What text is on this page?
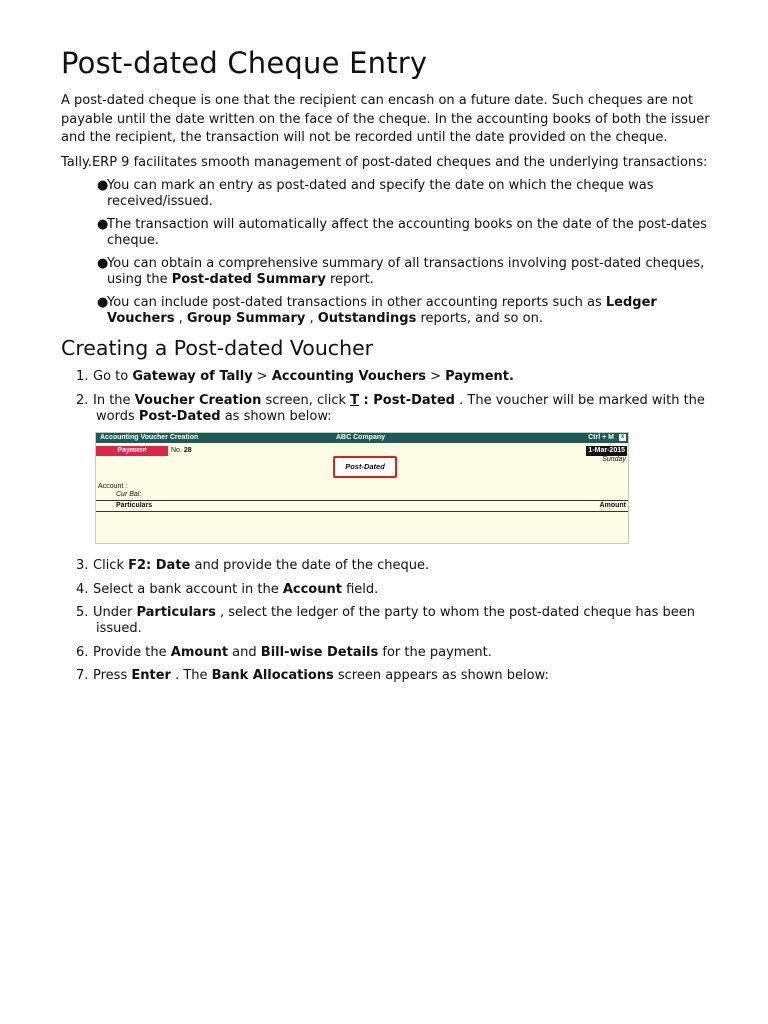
Post-dated Cheque Entry

A post-dated cheque is one that the recipient can encash on a future date. Such cheques are not payable until the date written on the face of the cheque. In the accounting books of both the issuer and the recipient, the transaction will not be recorded until the date provided on the cheque.

Tally.ERP 9 facilitates smooth management of post-dated cheques and the underlying transactions:

●You can mark an entry as post-dated and specify the date on which the cheque was received/issued.
●The transaction will automatically affect the accounting books on the date of the post-dates cheque.
●You can obtain a comprehensive summary of all transactions involving post-dated cheques, using the Post-dated Summary report.
●You can include post-dated transactions in other accounting reports such as Ledger Vouchers , Group Summary , Outstandings reports, and so on.
Creating a Post-dated Voucher
1. Go to Gateway of Tally > Accounting Vouchers > Payment.
2. In the Voucher Creation screen, click T : Post-Dated . The voucher will be marked with the words Post-Dated as shown below:
Accounting Voucher Creation	ABC Company	Ctrl + M	x
Payment	No. 28	1-Mar-2015
Sunday
Post-Dated
Account :
Cur Bal:
Particulars	Amount
3. Click F2: Date and provide the date of the cheque.
4. Select a bank account in the Account field.
5. Under Particulars , select the ledger of the party to whom the post-dated cheque has been issued.
6. Provide the Amount and Bill-wise Details for the payment.
7. Press Enter . The Bank Allocations screen appears as shown below:
